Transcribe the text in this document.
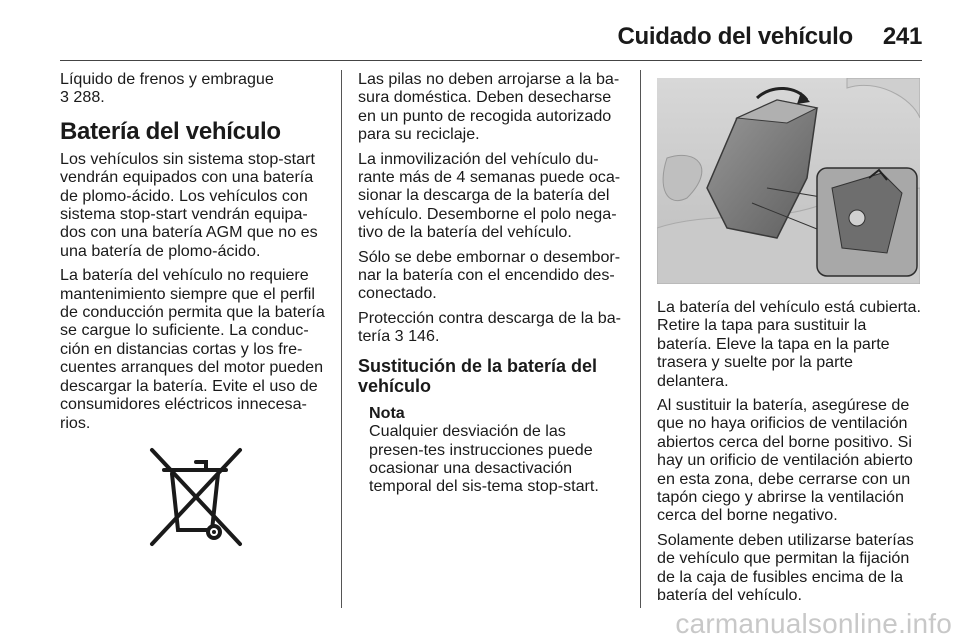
Cuidado del vehículo 241

Líquido de frenos y embrague
3 288.

Batería del vehículo

Los vehículos sin sistema stop-start vendrán equipados con una batería de plomo-ácido. Los vehículos con sistema stop-start vendrán equipa-dos con una batería AGM que no es una batería de plomo-ácido.

La batería del vehículo no requiere mantenimiento siempre que el perfil de conducción permita que la batería se cargue lo suficiente. La conduc-ción en distancias cortas y los fre-cuentes arranques del motor pueden descargar la batería. Evite el uso de consumidores eléctricos innecesa-rios.

Las pilas no deben arrojarse a la ba-sura doméstica. Deben desecharse en un punto de recogida autorizado para su reciclaje.

La inmovilización del vehículo du-rante más de 4 semanas puede oca-sionar la descarga de la batería del vehículo. Desemborne el polo nega-tivo de la batería del vehículo.

Sólo se debe embornar o desembor-nar la batería con el encendido des-conectado.

Protección contra descarga de la ba-tería 3 146.

Sustitución de la batería del vehículo
Nota
Cualquier desviación de las presen-tes instrucciones puede ocasionar una desactivación temporal del sis-tema stop-start.

La batería del vehículo está cubierta. Retire la tapa para sustituir la batería. Eleve la tapa en la parte trasera y suelte por la parte delantera.

Al sustituir la batería, asegúrese de que no haya orificios de ventilación abiertos cerca del borne positivo. Si hay un orificio de ventilación abierto en esta zona, debe cerrarse con un tapón ciego y abrirse la ventilación cerca del borne negativo.

Solamente deben utilizarse baterías de vehículo que permitan la fijación de la caja de fusibles encima de la batería del vehículo.

carmanualsonline.info
